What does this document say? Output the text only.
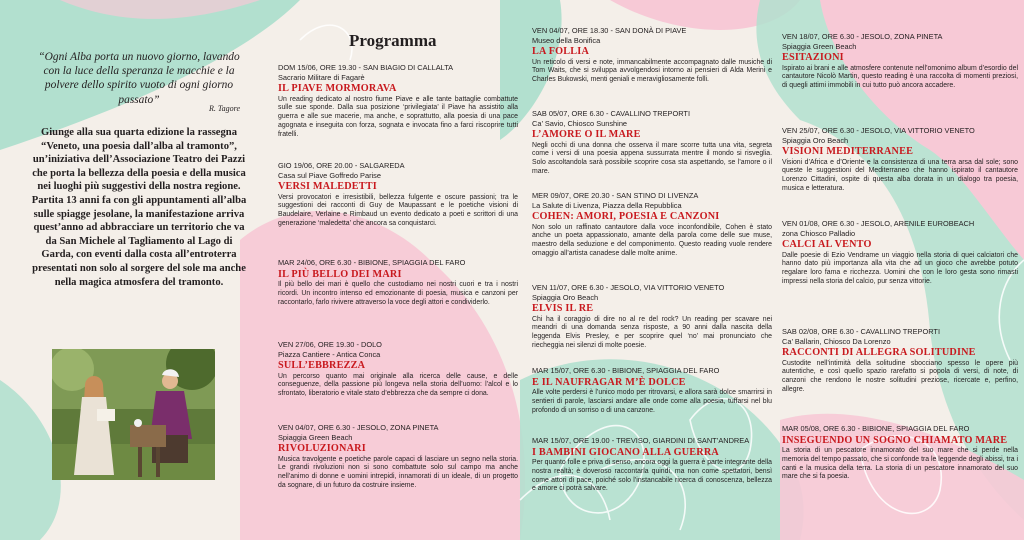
“Ogni Alba porta un nuovo giorno, lavando con la luce della speranza le macchie e la polvere dello spirito vuoto di ogni giorno passato”
R. Tagore
Giunge alla sua quarta edizione la rassegna “Veneto, una poesia dall’alba al tramonto”, un’iniziativa dell’Associazione Teatro dei Pazzi che porta la bellezza della poesia e della musica nei luoghi più suggestivi della nostra regione. Partita 13 anni fa con gli appuntamenti all’alba sulle spiagge jesolane, la manifestazione arriva quest’anno ad abbracciare un territorio che va da San Michele al Tagliamento al Lago di Garda, con eventi dalla costa all’entroterra presentati non solo al sorgere del sole ma anche nella magica atmosfera del tramonto.
Programma
DOM 15/06, ORE 19.30 - SAN BIAGIO DI CALLALTA
Sacrario Militare di Fagarè
IL PIAVE MORMORAVA
Un reading dedicato al nostro fiume Piave e alle tante battaglie combattute sulle sue sponde. Dalla sua posizione ‘privilegiata’ il Piave ha assistito alla guerra e alle sue macerie, ma anche, e soprattutto, alla poesia di una pace agognata e inseguita con forza, sognata e invocata fino a farci riscoprire tutti fratelli.
GIO 19/06, ORE 20.00 - SALGAREDA
Casa sul Piave Goffredo Parise
VERSI MALEDETTI
Versi provocatori e irresistibili, bellezza fulgente e oscure passioni; tra le suggestioni dei racconti di Guy de Maupassant e le poetiche visioni di Baudelaire, Verlaine e Rimbaud un evento dedicato a poeti e scrittori di una generazione ‘maledetta’ che ancora sa conquistarci.
MAR 24/06, ORE 6.30 - BIBIONE, SPIAGGIA DEL FARO
IL PIÙ BELLO DEI MARI
Il più bello dei mari è quello che custodiamo nei nostri cuori e tra i nostri ricordi. Un incontro intenso ed emozionante di poesia, musica e canzoni per raccontarlo, farlo rivivere attraverso la voce degli attori e condividerlo.
VEN 27/06, ORE 19.30 - DOLO
Piazza Cantiere - Antica Conca
SULL’EBBREZZA
Un percorso quanto mai originale alla ricerca delle cause, e delle conseguenze, della passione più longeva nella storia dell’uomo: l’alcol e lo sfrontato, liberatorio e vitale stato d’ebbrezza che da sempre ci dona.
VEN 04/07, ORE 6.30 - JESOLO, ZONA PINETA
Spiaggia Green Beach
RIVOLUZIONARI
Musica travolgente e poetiche parole capaci di lasciare un segno nella storia. Le grandi rivoluzioni non si sono combattute solo sul campo ma anche nell’animo di donne e uomini intrepidi, innamorati di un ideale, di un progetto da sognare, di un futuro da costruire insieme.
VEN 04/07, ORE 18.30 - SAN DONÀ DI PIAVE
Museo della Bonifica
LA FOLLIA
Un reticolo di versi e note, immancabilmente accompagnato dalle musiche di Tom Waits, che si sviluppa avvolgendosi intorno ai pensieri di Alda Merini e Charles Bukowski, menti geniali e meravigliosamente folli.
SAB 05/07, ORE 6.30 - CAVALLINO TREPORTI
Ca’ Savio, Chiosco Sunshine
L’AMORE O IL MARE
Negli occhi di una donna che osserva il mare scorre tutta una vita, segreta come i versi di una poesia appena sussurrata mentre il mondo si risveglia. Solo ascoltandola sarà possibile scoprire cosa sta aspettando, se l’amore o il mare.
MER 09/07, ORE 20.30 - SAN STINO DI LIVENZA
La Salute di Livenza, Piazza della Repubblica
COHEN: AMORI, POESIA E CANZONI
Non solo un raffinato cantautore dalla voce inconfondibile, Cohen è stato anche un poeta appassionato, amante della parola come delle sue muse, maestro della seduzione e del componimento. Questo reading vuole rendere omaggio all’artista canadese dalle molte anime.
VEN 11/07, ORE 6.30 - JESOLO, VIA VITTORIO VENETO
Spiaggia Oro Beach
ELVIS IL RE
Chi ha il coraggio di dire no al re del rock? Un reading per scavare nei meandri di una domanda senza risposte, a 90 anni dalla nascita della leggenda Elvis Presley, e per scoprire quel ‘no’ mai pronunciato che riecheggia nei silenzi di molte poesie.
MAR 15/07, ORE 6.30 - BIBIONE, SPIAGGIA DEL FARO
E IL NAUFRAGAR M’È DOLCE
Alle volte perdersi è l’unico modo per ritrovarsi, e allora sarà dolce smarrirsi in sentieri di parole, lasciarsi andare alle onde come alla poesia, tuffarsi nel blu profondo di un sorriso o di una canzone.
MAR 15/07, ORE 19.00 - TREVISO, GIARDINI DI SANT’ANDREA
I BAMBINI GIOCANO ALLA GUERRA
Per quanto folle e priva di senso, ancora oggi la guerra è parte integrante della nostra realtà; è doveroso raccontarla quindi, ma non come spettatori, bensì come attori di pace, poiché solo l’instancabile ricerca di conoscenza, bellezza e amore ci potrà salvare.
VEN 18/07, ORE 6.30 - JESOLO, ZONA PINETA
Spiaggia Green Beach
ESITAZIONI
Ispirato ai brani e alle atmosfere contenute nell’omonimo album d’esordio del cantautore Nicolò Martin, questo reading è una raccolta di momenti preziosi, di quegli attimi immobili in cui tutto può ancora accadere.
VEN 25/07, ORE 6.30 - JESOLO, VIA VITTORIO VENETO
Spiaggia Oro Beach
VISIONI MEDITERRANEE
Visioni d’Africa e d’Oriente e la consistenza di una terra arsa dal sole; sono queste le suggestioni del Mediterraneo che hanno ispirato il cantautore Lorenzo Cittadini, ospite di questa alba dorata in un dialogo tra poesia, musica e letteratura.
VEN 01/08, ORE 6.30 - JESOLO, ARENILE EUROBEACH
zona Chiosco Palladio
CALCI AL VENTO
Dalle poesie di Ezio Vendrame un viaggio nella storia di quei calciatori che hanno dato più importanza alla vita che ad un gioco che avrebbe potuto regalare loro fama e ricchezza. Uomini che con le loro gesta sono rimasti impressi nella storia del calcio, pur senza vittorie.
SAB 02/08, ORE 6.30 - CAVALLINO TREPORTI
Ca’ Ballarin, Chiosco Da Lorenzo
RACCONTI DI ALLEGRA SOLITUDINE
Custodite nell’intimità della solitudine sbocciano spesso le opere più autentiche, e così quello spazio rarefatto si popola di versi, di note, di canzoni che rendono le nostre solitudini preziose, ricercate e, perfino, allegre.
MAR 05/08, ORE 6.30 - BIBIONE, SPIAGGIA DEL FARO
INSEGUENDO UN SOGNO CHIAMATO MARE
La storia di un pescatore innamorato del suo mare che si perde nella memoria del tempo passato, che si confonde tra le leggende degli abissi, tra i canti e la musica della terra. La storia di un pescatore innamorato del suo mare che si fa poesia.
